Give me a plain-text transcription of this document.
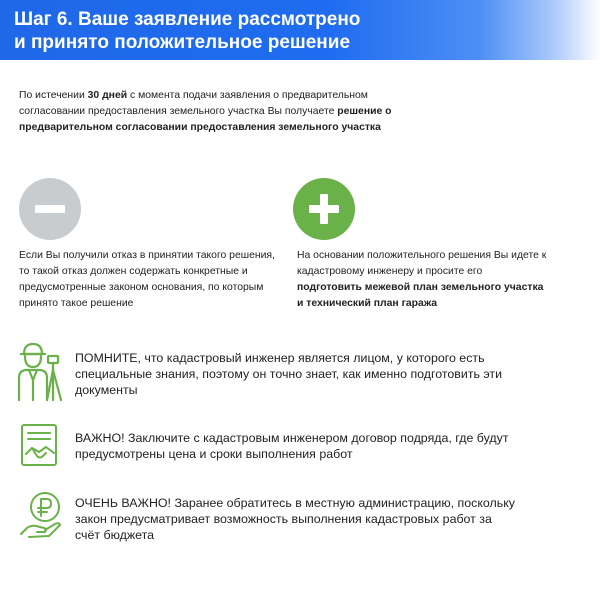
Шаг 6. Ваше заявление рассмотрено
и принято положительное решение
По истечении 30 дней с момента подачи заявления о предварительном согласовании предоставления земельного участка Вы получаете решение о предварительном согласовании предоставления земельного участка
Если Вы получили отказ в принятии такого решения, то такой отказ должен содержать конкретные и предусмотренные законом основания, по которым принято такое решение
На основании положительного решения Вы идете к кадастровому инженеру и просите его подготовить межевой план земельного участка и технический план гаража
ПОМНИТЕ, что кадастровый инженер является лицом, у которого есть специальные знания, поэтому он точно знает, как именно подготовить эти документы
ВАЖНО! Заключите с кадастровым инженером договор подряда, где будут предусмотрены цена и сроки выполнения работ
ОЧЕНЬ ВАЖНО! Заранее обратитесь в местную администрацию, поскольку закон предусматривает возможность выполнения кадастровых работ за счёт бюджета
